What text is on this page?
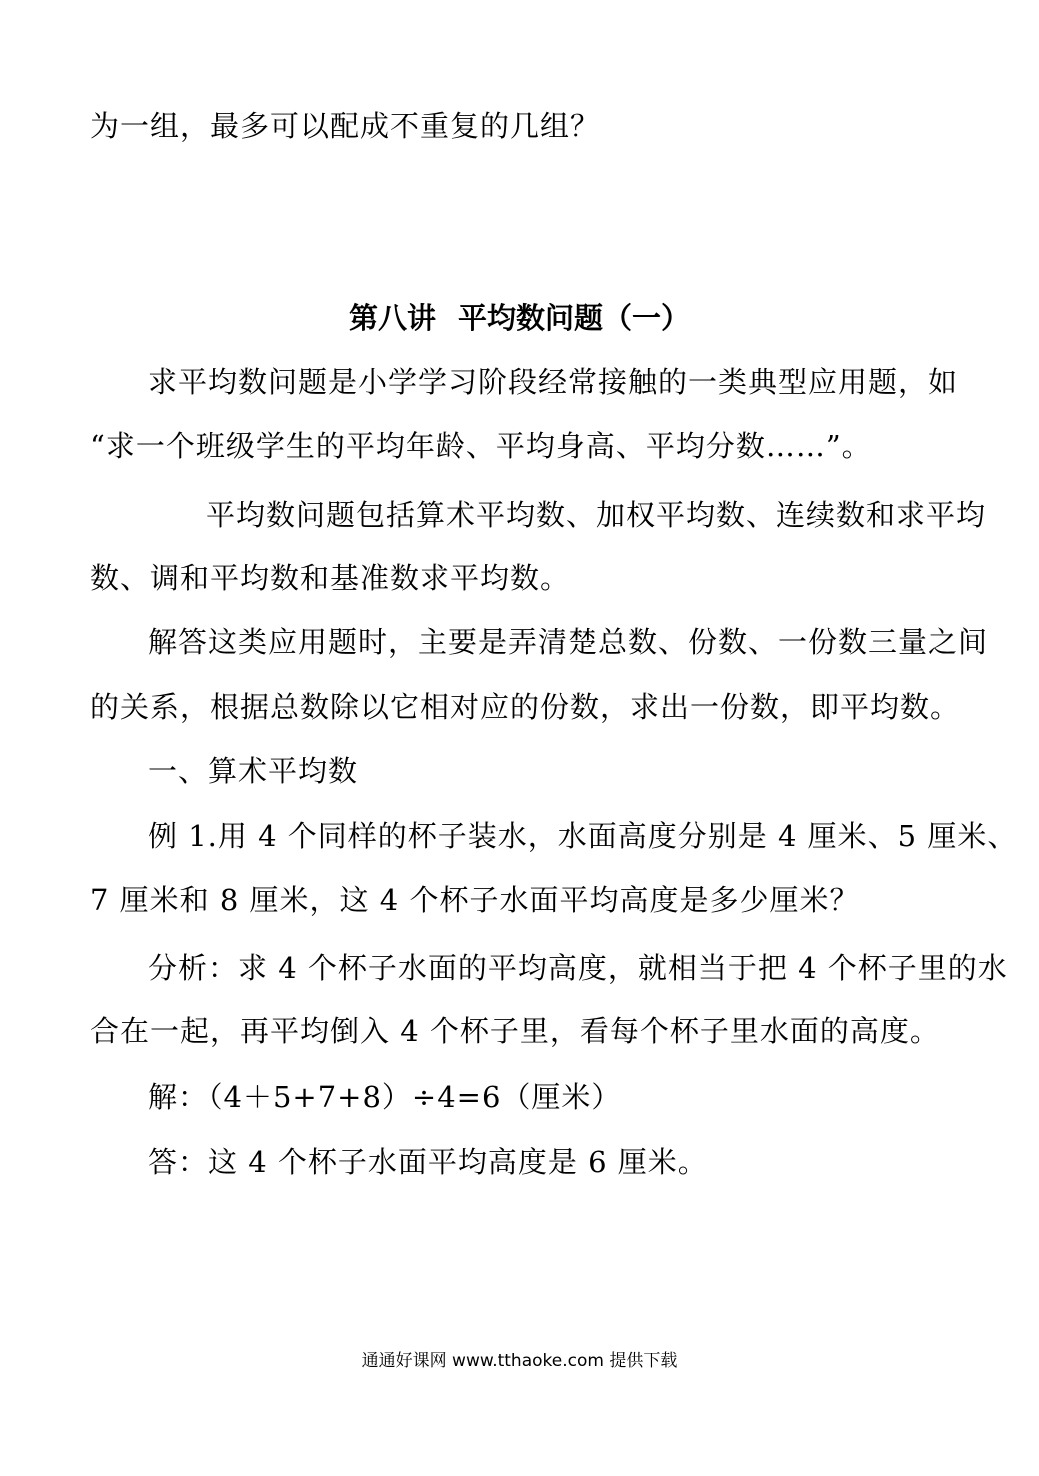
为一组，最多可以配成不重复的几组？
第八讲 平均数问题（一）
求平均数问题是小学学习阶段经常接触的一类典型应用题，如
“求一个班级学生的平均年龄、平均身高、平均分数……”。
平均数问题包括算术平均数、加权平均数、连续数和求平均
数、调和平均数和基准数求平均数。
解答这类应用题时，主要是弄清楚总数、份数、一份数三量之间
的关系，根据总数除以它相对应的份数，求出一份数，即平均数。
一、算术平均数
例 1.用 4 个同样的杯子装水，水面高度分别是 4 厘米、5 厘米、
7 厘米和 8 厘米，这 4 个杯子水面平均高度是多少厘米？
分析：求 4 个杯子水面的平均高度，就相当于把 4 个杯子里的水
合在一起，再平均倒入 4 个杯子里，看每个杯子里水面的高度。
解：（4＋5+7+8）÷4=6（厘米）
答：这 4 个杯子水面平均高度是 6 厘米。
通通好课网 www.tthaoke.com 提供下载
